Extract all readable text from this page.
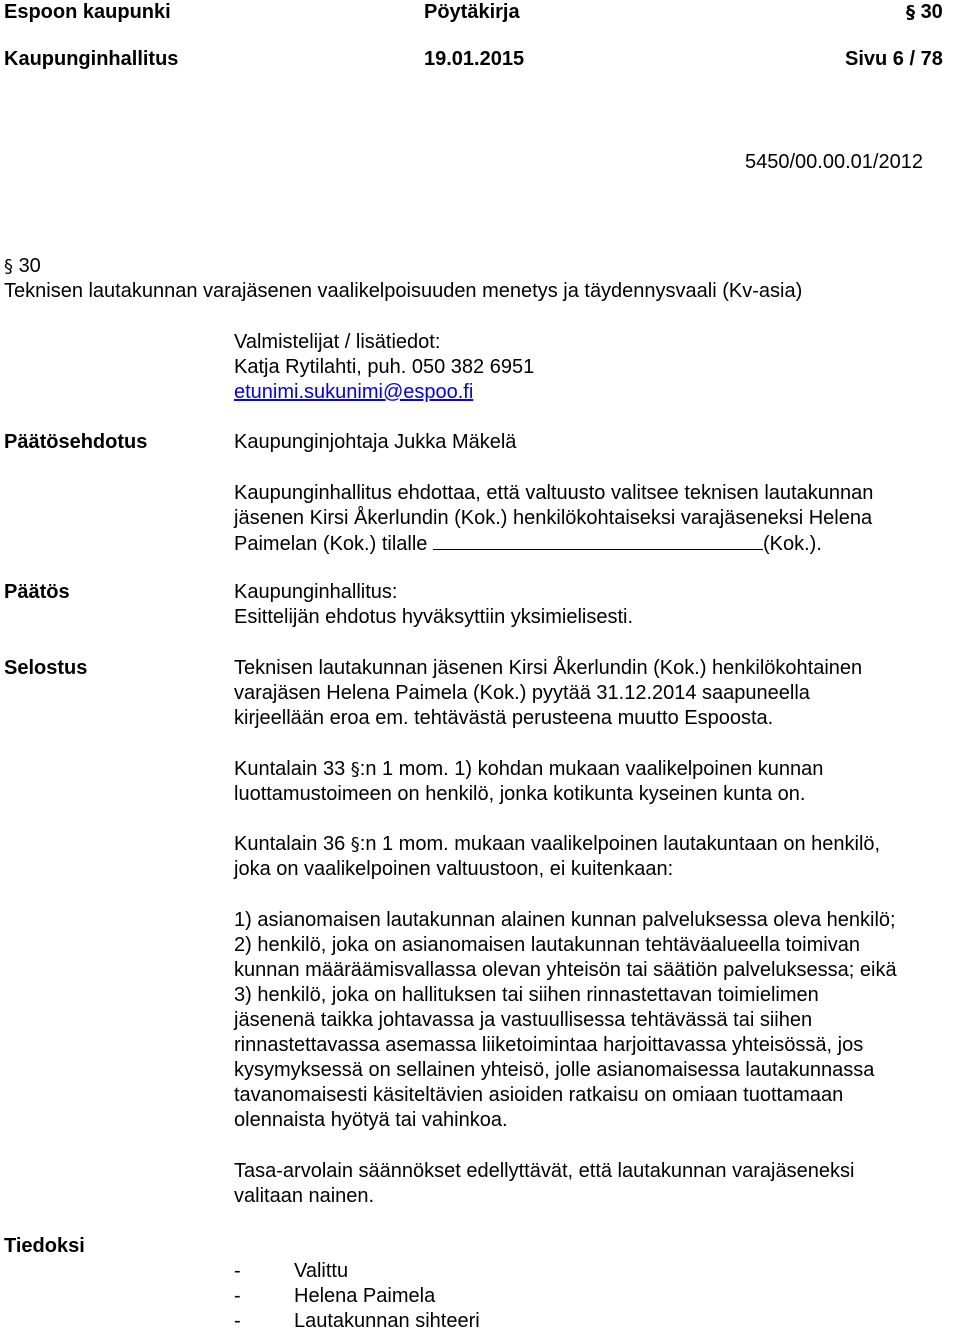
Espoon kaupunki	Pöytäkirja	§ 30
Kaupunginhallitus	19.01.2015	Sivu 6 / 78
5450/00.00.01/2012
§ 30
Teknisen lautakunnan varajäsenen vaalikelpoisuuden menetys ja täydennysvaali (Kv-asia)
Valmistelijat / lisätiedot:
Katja Rytilahti, puh. 050 382 6951
etunimi.sukunimi@espoo.fi
Päätösehdotus	Kaupunginjohtaja Jukka Mäkelä
Kaupunginhallitus ehdottaa, että valtuusto valitsee teknisen lautakunnan
jäsenen Kirsi Åkerlundin (Kok.) henkilökohtaiseksi varajäseneksi Helena
Paimelan (Kok.) tilalle	(Kok.).
Päätös	Kaupunginhallitus:
Esittelijän ehdotus hyväksyttiin yksimielisesti.
Selostus	Teknisen lautakunnan jäsenen Kirsi Åkerlundin (Kok.) henkilökohtainen
varajäsen Helena Paimela (Kok.) pyytää 31.12.2014 saapuneella
kirjeellään eroa em. tehtävästä perusteena muutto Espoosta.
Kuntalain 33 §:n 1 mom. 1) kohdan mukaan vaalikelpoinen kunnan
luottamustoimeen on henkilö, jonka kotikunta kyseinen kunta on.
Kuntalain 36 §:n 1 mom. mukaan vaalikelpoinen lautakuntaan on henkilö,
joka on vaalikelpoinen valtuustoon, ei kuitenkaan:
1) asianomaisen lautakunnan alainen kunnan palveluksessa oleva henkilö;
2) henkilö, joka on asianomaisen lautakunnan tehtäväalueella toimivan
kunnan määräämisvallassa olevan yhteisön tai säätiön palveluksessa; eikä
3) henkilö, joka on hallituksen tai siihen rinnastettavan toimielimen
jäsenenä taikka johtavassa ja vastuullisessa tehtävässä tai siihen
rinnastettavassa asemassa liiketoimintaa harjoittavassa yhteisössä, jos
kysymyksessä on sellainen yhteisö, jolle asianomaisessa lautakunnassa
tavanomaisesti käsiteltävien asioiden ratkaisu on omiaan tuottamaan
olennaista hyötyä tai vahinkoa.
Tasa-arvolain säännökset edellyttävät, että lautakunnan varajäseneksi
valitaan nainen.
Tiedoksi
-	Valittu
-	Helena Paimela
-	Lautakunnan sihteeri
